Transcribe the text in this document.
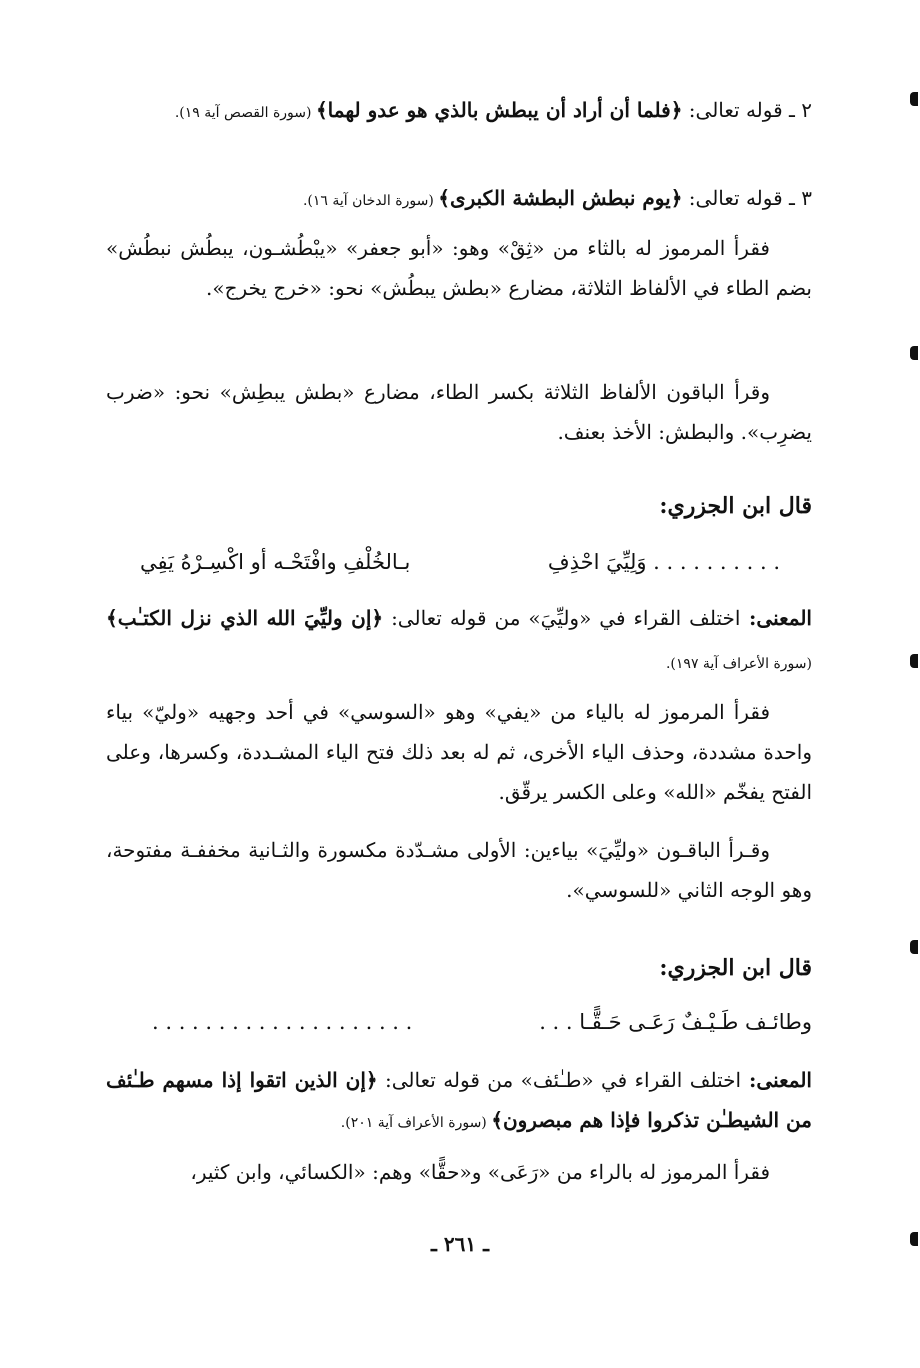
٢ ـ قوله تعالى: ﴿فلما أن أراد أن يبطش بالذي هو عدو لهما﴾ (سورة القصص آية ١٩).
٣ ـ قوله تعالى: ﴿يوم نبطش البطشة الكبرى﴾ (سورة الدخان آية ١٦).
فقرأ المرموز له بالثاء من «ثِقْ» وهو: «أبو جعفر» «يبْطُشـون، يبطُش نبطُش» بضم الطاء في الألفاظ الثلاثة، مضارع «بطش يبطُش» نحو: «خرج يخرج».
وقرأ الباقون الألفاظ الثلاثة بكسر الطاء، مضارع «بطش يبطِش» نحو: «ضرب يضرِب». والبطش: الأخذ بعنف.
قال ابن الجزري:
. . . . . . . . . . وَلِيِّيَ احْذِفِ
بـالخُلْفِ وافْتَحْـه أو اكْسِـرْهُ يَفِي
المعنى: اختلف القراء في «وليِّيَ» من قوله تعالى: ﴿إن وليِّيَ الله الذي نزل الكتـٰب﴾ (سورة الأعراف آية ١٩٧).
فقرأ المرموز له بالياء من «يفي» وهو «السوسي» في أحد وجهيه «وليّ» بياء واحدة مشددة، وحذف الياء الأخرى، ثم له بعد ذلك فتح الياء المشـددة، وكسرها، وعلى الفتح يفخّم «الله» وعلى الكسر يرقّق.
وقـرأ الباقـون «وليِّيَ» بياءين: الأولى مشـدّدة مكسورة والثـانية مخففـة مفتوحة، وهو الوجه الثاني «للسوسي».
قال ابن الجزري:
وطائـف طَـيْـفٌ رَعَـى حَـقًّـا . . .
. . . . . . . . . . . . . . . . . . . .
المعنى: اختلف القراء في «طـٰئف» من قوله تعالى: ﴿إن الذين اتقوا إذا مسهم طـٰئف من الشيطـٰن تذكروا فإذا هم مبصرون﴾ (سورة الأعراف آية ٢٠١).
فقرأ المرموز له بالراء من «رَعَى» و«حقًّا» وهم: «الكسائي، وابن كثير،
ـ ٢٦١ ـ
